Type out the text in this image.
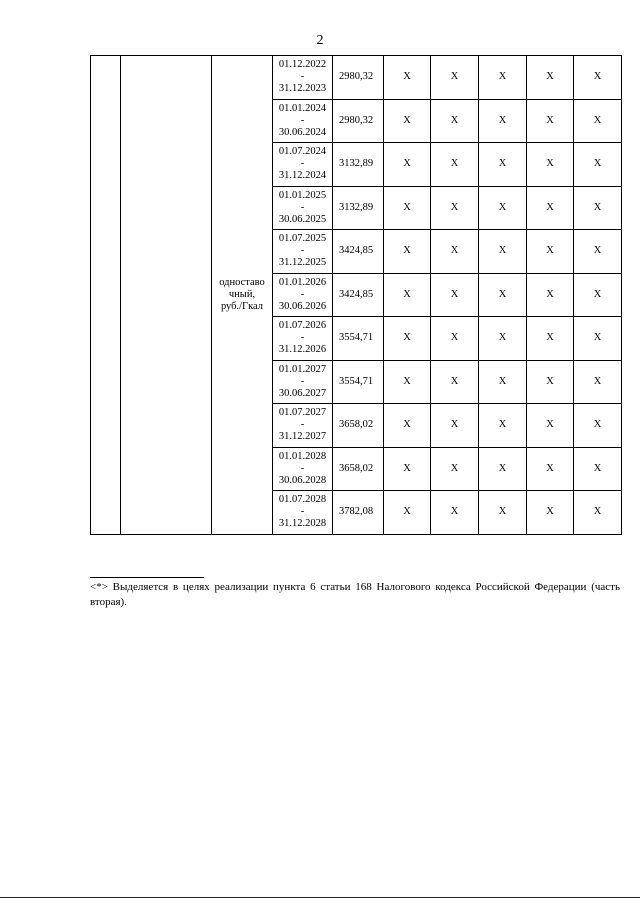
2

		одноставо
чный,
руб./Гкал	01.12.2022
-
31.12.2023	2980,32	X	X	X	X	X

			01.01.2024
-
30.06.2024	2980,32	X	X	X	X	X

			01.07.2024
-
31.12.2024	3132,89	X	X	X	X	X

			01.01.2025
-
30.06.2025	3132,89	X	X	X	X	X

			01.07.2025
-
31.12.2025	3424,85	X	X	X	X	X

			01.01.2026
-
30.06.2026	3424,85	X	X	X	X	X

			01.07.2026
-
31.12.2026	3554,71	X	X	X	X	X

			01.01.2027
-
30.06.2027	3554,71	X	X	X	X	X

			01.07.2027
-
31.12.2027	3658,02	X	X	X	X	X

			01.01.2028
-
30.06.2028	3658,02	X	X	X	X	X

			01.07.2028
-
31.12.2028	3782,08	X	X	X	X	X
<*> Выделяется в целях реализации пункта 6 статьи 168 Налогового кодекса Российской Федерации (часть вторая).
